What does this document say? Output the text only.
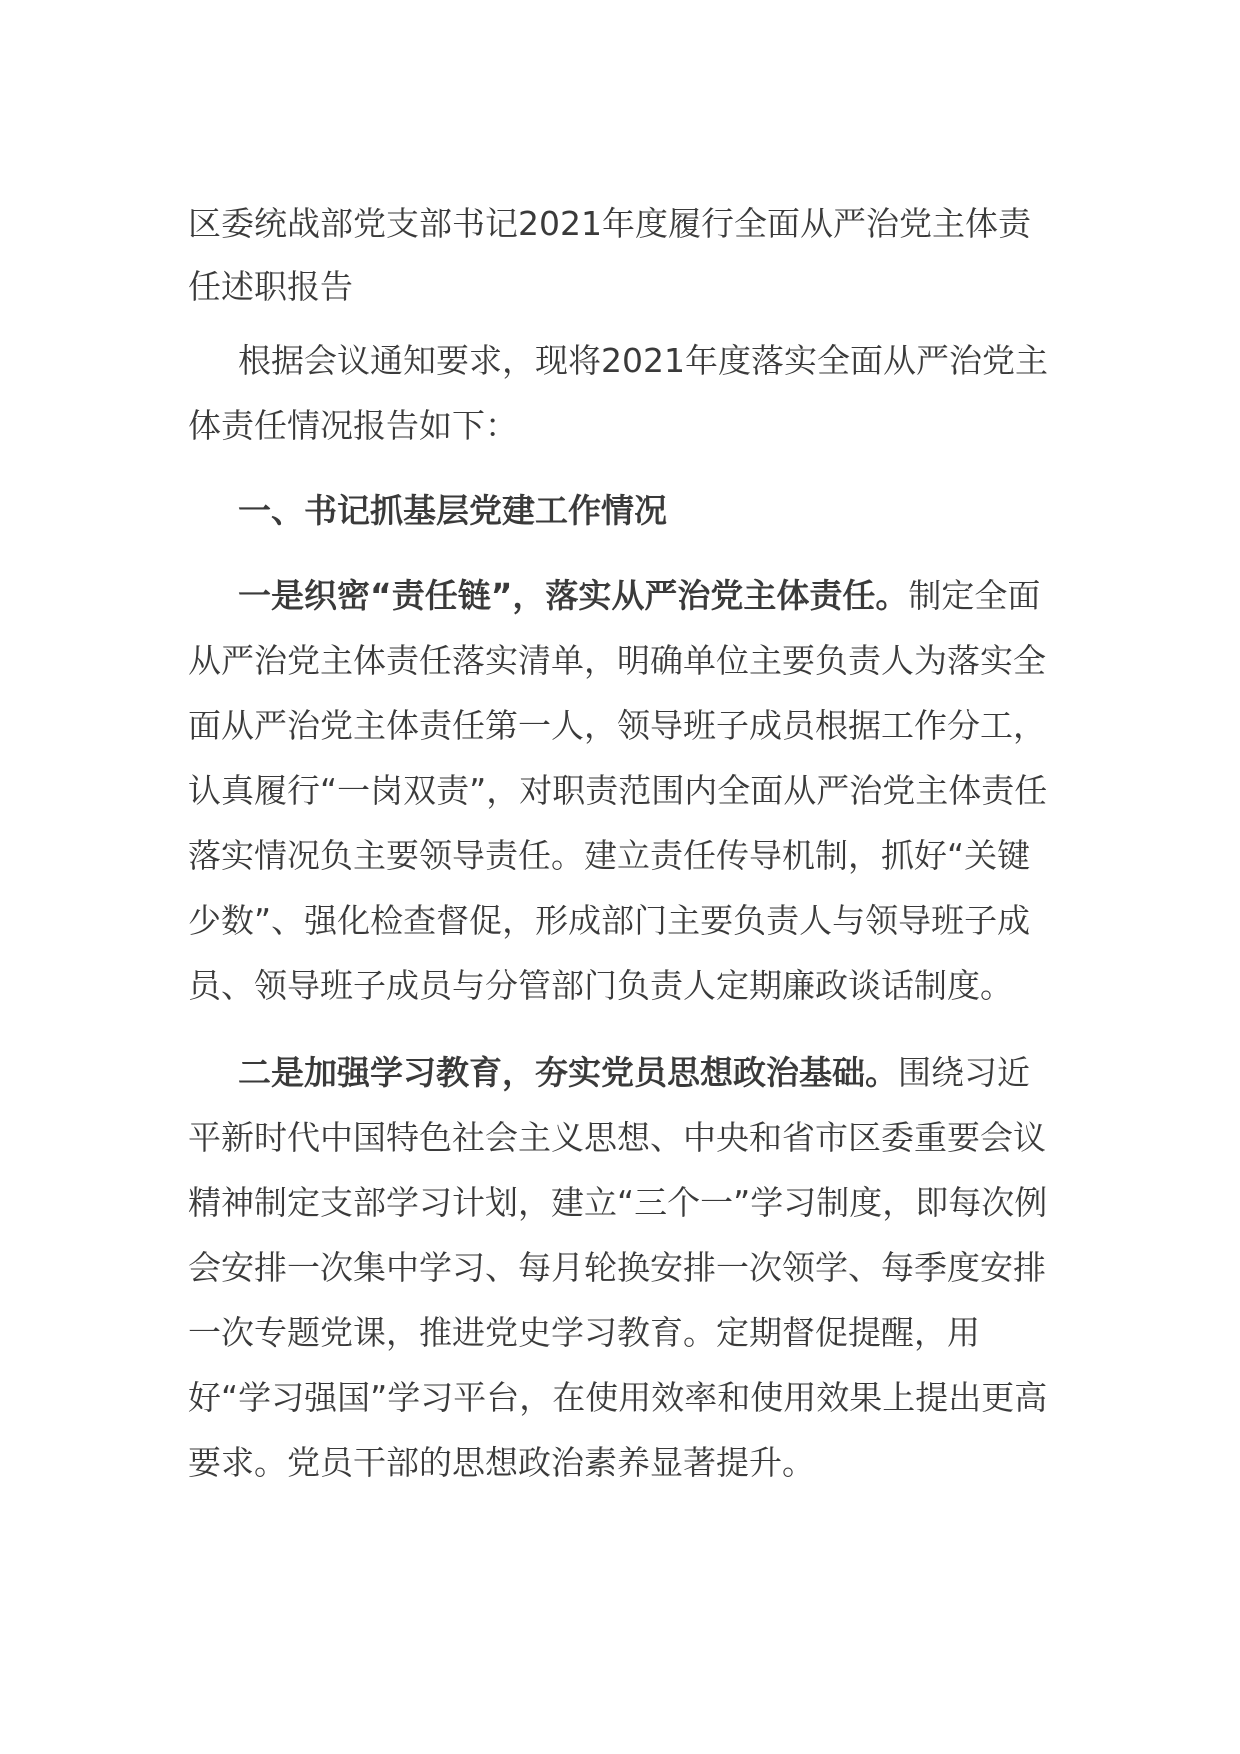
区委统战部党支部书记2021年度履行全面从严治党主体责任述职报告

根据会议通知要求，现将2021年度落实全面从严治党主体责任情况报告如下：

一、书记抓基层党建工作情况

一是织密“责任链”，落实从严治党主体责任。制定全面从严治党主体责任落实清单，明确单位主要负责人为落实全面从严治党主体责任第一人，领导班子成员根据工作分工，认真履行“一岗双责”，对职责范围内全面从严治党主体责任落实情况负主要领导责任。建立责任传导机制，抓好“关键少数”、强化检查督促，形成部门主要负责人与领导班子成员、领导班子成员与分管部门负责人定期廉政谈话制度。

二是加强学习教育，夯实党员思想政治基础。围绕习近平新时代中国特色社会主义思想、中央和省市区委重要会议精神制定支部学习计划，建立“三个一”学习制度，即每次例会安排一次集中学习、每月轮换安排一次领学、每季度安排一次专题党课，推进党史学习教育。定期督促提醒，用好“学习强国”学习平台，在使用效率和使用效果上提出更高要求。党员干部的思想政治素养显著提升。
